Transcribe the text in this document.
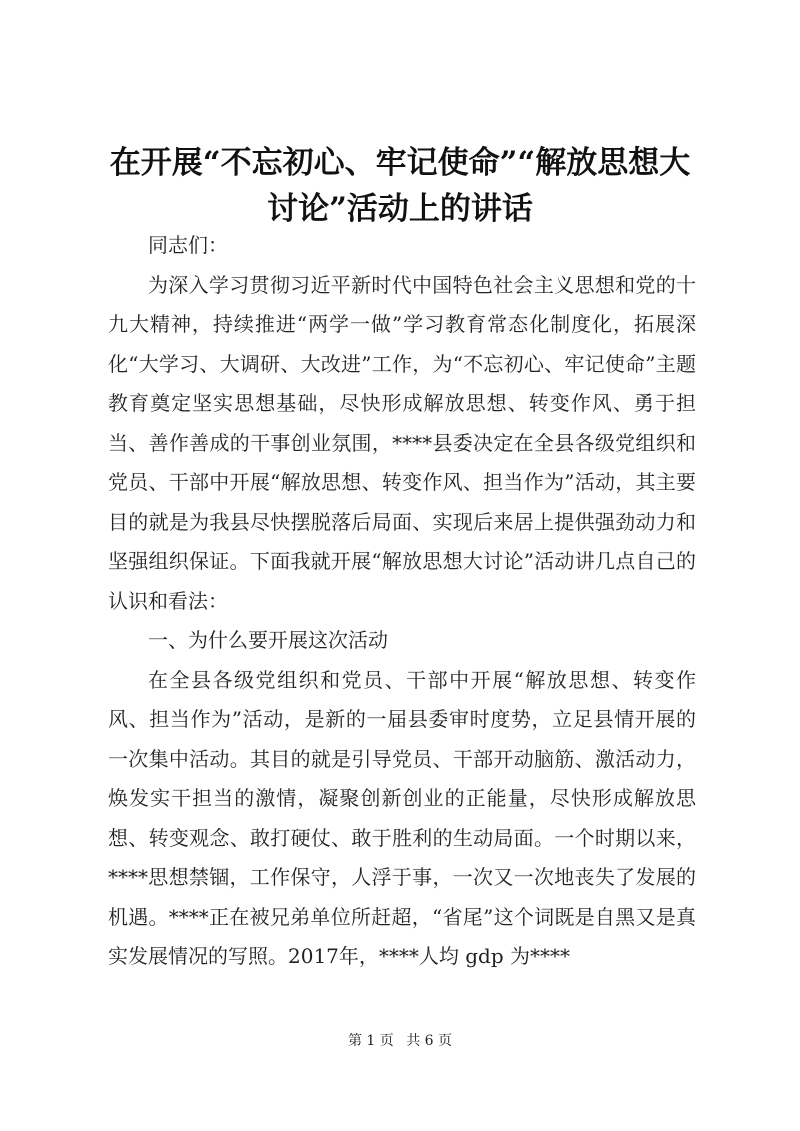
在开展“不忘初心、牢记使命”“解放思想大讨论”活动上的讲话

同志们：

为深入学习贯彻习近平新时代中国特色社会主义思想和党的十九大精神，持续推进“两学一做”学习教育常态化制度化，拓展深化“大学习、大调研、大改进”工作，为“不忘初心、牢记使命”主题教育奠定坚实思想基础，尽快形成解放思想、转变作风、勇于担当、善作善成的干事创业氛围，****县委决定在全县各级党组织和党员、干部中开展“解放思想、转变作风、担当作为”活动，其主要目的就是为我县尽快摆脱落后局面、实现后来居上提供强劲动力和坚强组织保证。下面我就开展“解放思想大讨论”活动讲几点自己的认识和看法：

一、为什么要开展这次活动

在全县各级党组织和党员、干部中开展“解放思想、转变作风、担当作为”活动，是新的一届县委审时度势，立足县情开展的一次集中活动。其目的就是引导党员、干部开动脑筋、激活动力，焕发实干担当的激情，凝聚创新创业的正能量，尽快形成解放思想、转变观念、敢打硬仗、敢于胜利的生动局面。一个时期以来，****思想禁锢，工作保守，人浮于事，一次又一次地丧失了发展的机遇。****正在被兄弟单位所赶超，“省尾”这个词既是自黑又是真实发展情况的写照。2017年，****人均 gdp 为****

第 1 页 共 6 页
